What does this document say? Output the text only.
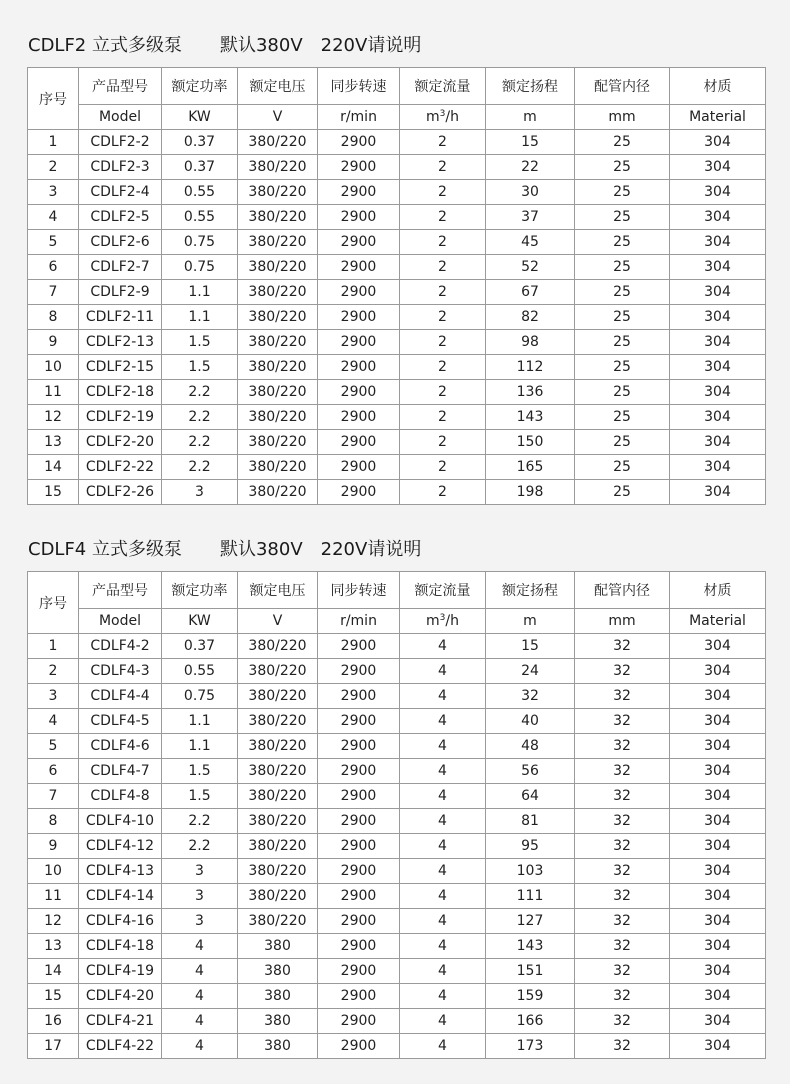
CDLF2 立式多级泵 默认380V 220V请说明
序号	产品型号	额定功率	额定电压	同步转速	额定流量	额定扬程	配管内径	材质
	Model	KW	V	r/min	$m^3/h$	m	mm	Material
1	CDLF2-2	0.37	380/220	2900	2	15	25	304
2	CDLF2-3	0.37	380/220	2900	2	22	25	304
3	CDLF2-4	0.55	380/220	2900	2	30	25	304
4	CDLF2-5	0.55	380/220	2900	2	37	25	304
5	CDLF2-6	0.75	380/220	2900	2	45	25	304
6	CDLF2-7	0.75	380/220	2900	2	52	25	304
7	CDLF2-9	1.1	380/220	2900	2	67	25	304
8	CDLF2-11	1.1	380/220	2900	2	82	25	304
9	CDLF2-13	1.5	380/220	2900	2	98	25	304
10	CDLF2-15	1.5	380/220	2900	2	112	25	304
11	CDLF2-18	2.2	380/220	2900	2	136	25	304
12	CDLF2-19	2.2	380/220	2900	2	143	25	304
13	CDLF2-20	2.2	380/220	2900	2	150	25	304
14	CDLF2-22	2.2	380/220	2900	2	165	25	304
15	CDLF2-26	3	380/220	2900	2	198	25	304
CDLF4 立式多级泵 默认380V 220V请说明
序号	产品型号	额定功率	额定电压	同步转速	额定流量	额定扬程	配管内径	材质
	Model	KW	V	r/min	$m^3/h$	m	mm	Material
1	CDLF4-2	0.37	380/220	2900	4	15	32	304
2	CDLF4-3	0.55	380/220	2900	4	24	32	304
3	CDLF4-4	0.75	380/220	2900	4	32	32	304
4	CDLF4-5	1.1	380/220	2900	4	40	32	304
5	CDLF4-6	1.1	380/220	2900	4	48	32	304
6	CDLF4-7	1.5	380/220	2900	4	56	32	304
7	CDLF4-8	1.5	380/220	2900	4	64	32	304
8	CDLF4-10	2.2	380/220	2900	4	81	32	304
9	CDLF4-12	2.2	380/220	2900	4	95	32	304
10	CDLF4-13	3	380/220	2900	4	103	32	304
11	CDLF4-14	3	380/220	2900	4	111	32	304
12	CDLF4-16	3	380/220	2900	4	127	32	304
13	CDLF4-18	4	380	2900	4	143	32	304
14	CDLF4-19	4	380	2900	4	151	32	304
15	CDLF4-20	4	380	2900	4	159	32	304
16	CDLF4-21	4	380	2900	4	166	32	304
17	CDLF4-22	4	380	2900	4	173	32	304
